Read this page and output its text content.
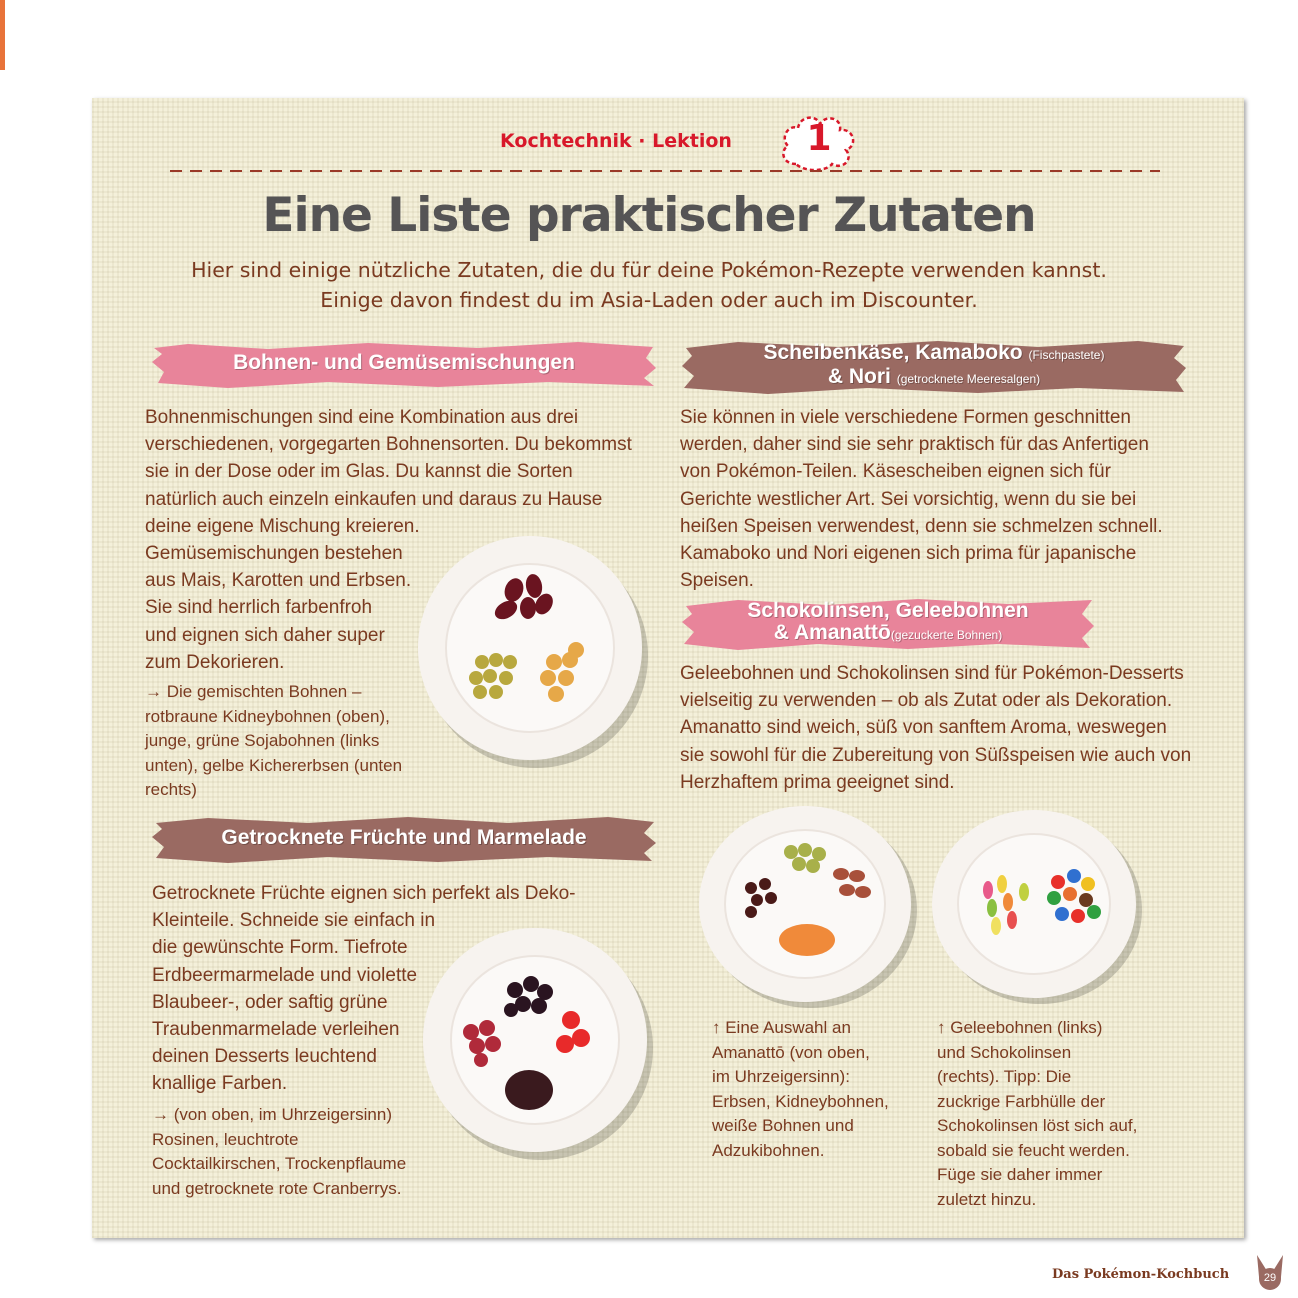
Kochtechnik · Lektion	1
Eine Liste praktischer Zutaten
Hier sind einige nützliche Zutaten, die du für deine Pokémon-Rezepte verwenden kannst.
Einige davon findest du im Asia-Laden oder auch im Discounter.
Bohnen- und Gemüsemischungen
Bohnenmischungen sind eine Kombination aus drei
verschiedenen, vorgegarten Bohnensorten. Du bekommst
sie in der Dose oder im Glas. Du kannst die Sorten
natürlich auch einzeln einkaufen und daraus zu Hause
deine eigene Mischung kreieren.
Gemüsemischungen bestehen
aus Mais, Karotten und Erbsen.
Sie sind herrlich farbenfroh
und eignen sich daher super
zum Dekorieren.
→ Die gemischten Bohnen –
rotbraune Kidneybohnen (oben),
junge, grüne Sojabohnen (links
unten), gelbe Kichererbsen (unten
rechts)
Scheibenkäse, Kamaboko (Fischpastete)
& Nori (getrocknete Meeresalgen)
Sie können in viele verschiedene Formen geschnitten
werden, daher sind sie sehr praktisch für das Anfertigen
von Pokémon-Teilen. Käsescheiben eignen sich für
Gerichte westlicher Art. Sei vorsichtig, wenn du sie bei
heißen Speisen verwendest, denn sie schmelzen schnell.
Kamaboko und Nori eigenen sich prima für japanische
Speisen.
Schokolinsen, Geleebohnen
& Amanattō(gezuckerte Bohnen)
Geleebohnen und Schokolinsen sind für Pokémon-Desserts
vielseitig zu verwenden – ob als Zutat oder als Dekoration.
Amanatto sind weich, süß von sanftem Aroma, weswegen
sie sowohl für die Zubereitung von Süßspeisen wie auch von
Herzhaftem prima geeignet sind.
↑ Eine Auswahl an
Amanattō (von oben,
im Uhrzeigersinn):
Erbsen, Kidneybohnen,
weiße Bohnen und
Adzukibohnen.
↑ Geleebohnen (links)
und Schokolinsen
(rechts). Tipp: Die
zuckrige Farbhülle der
Schokolinsen löst sich auf,
sobald sie feucht werden.
Füge sie daher immer
zuletzt hinzu.
Getrocknete Früchte und Marmelade
Getrocknete Früchte eignen sich perfekt als Deko-
Kleinteile. Schneide sie einfach in
die gewünschte Form. Tiefrote
Erdbeermarmelade und violette
Blaubeer-, oder saftig grüne
Traubenmarmelade verleihen
deinen Desserts leuchtend
knallige Farben.
→ (von oben, im Uhrzeigersinn)
Rosinen, leuchtrote
Cocktailkirschen, Trockenpflaume
und getrocknete rote Cranberrys.
Das Pokémon-Kochbuch	29
